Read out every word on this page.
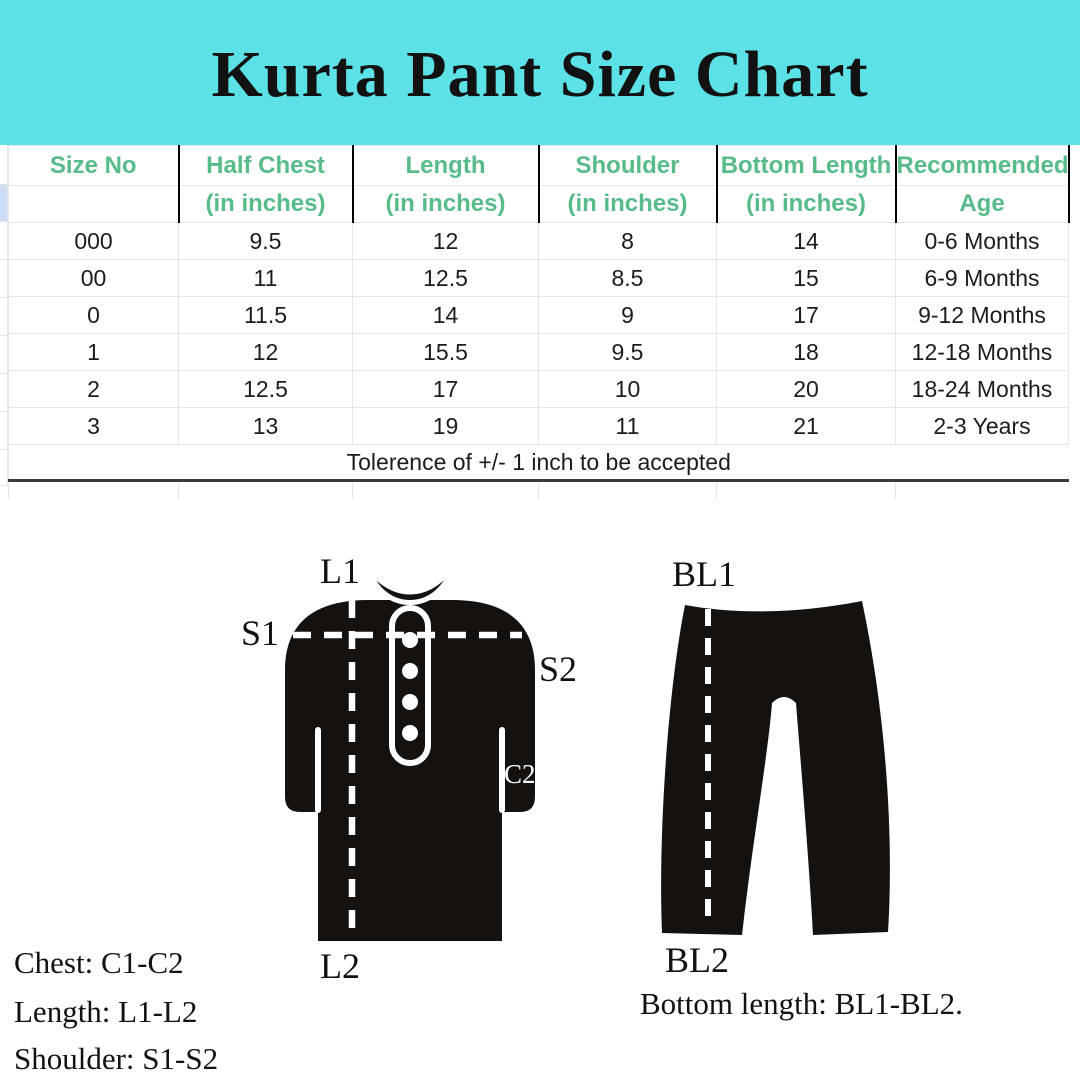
Kurta Pant Size Chart
Size No	Half Chest	Length	Shoulder	Bottom Length	Recommended
	(in inches)	(in inches)	(in inches)	(in inches)	Age
000	9.5	12	8	14	0-6 Months
00	11	12.5	8.5	15	6-9 Months
0	11.5	14	9	17	9-12 Months
1	12	15.5	9.5	18	12-18 Months
2	12.5	17	10	20	18-24 Months
3	13	19	11	21	2-3 Years
Tolerence of +/- 1 inch to be accepted					
L1
S1
S2
C2
L2
BL1
BL2
Chest: C1-C2
Length: L1-L2
Shoulder: S1-S2
Bottom length: BL1-BL2.
